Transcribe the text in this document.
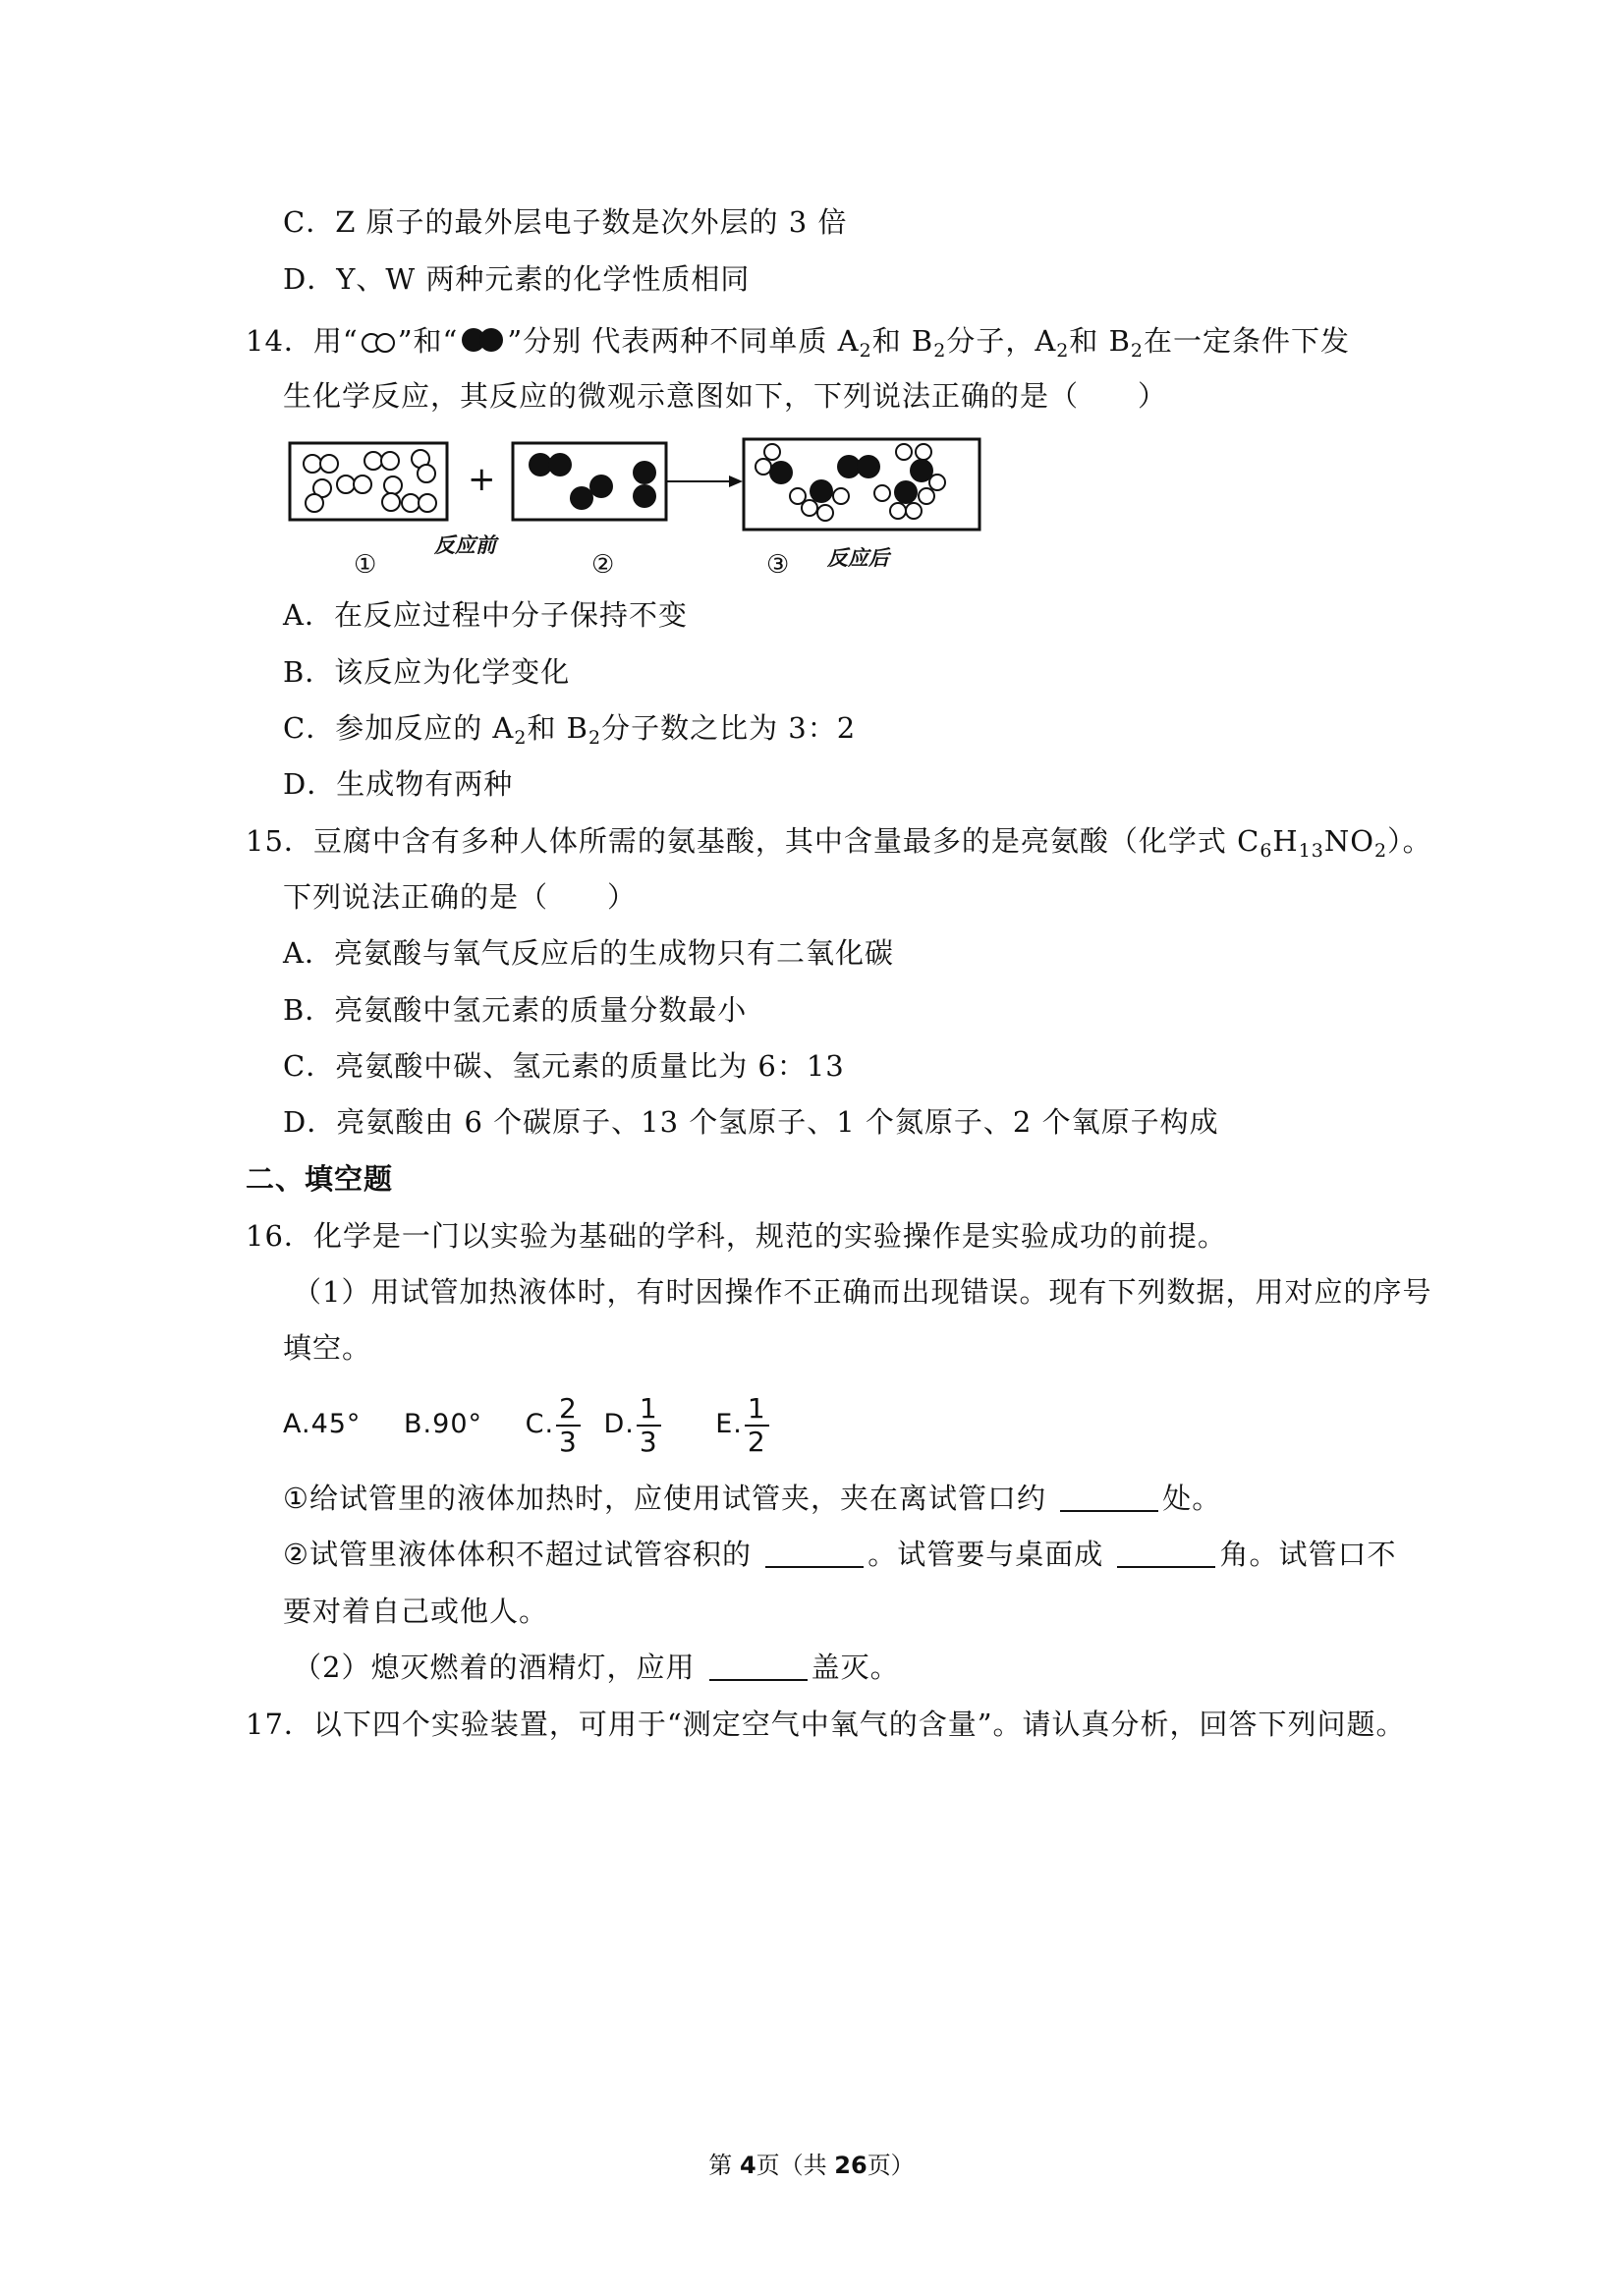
C．Z 原子的最外层电子数是次外层的 3 倍
D．Y、W 两种元素的化学性质相同
14．用“ ”和“ ”分别 代表两种不同单质 $A_2$和 $B_2$分子，$A_2$和 $B_2$在一定条件下发
生化学反应，其反应的微观示意图如下，下列说法正确的是（　　）
+
①
反应前
②	③ 反应后
A．在反应过程中分子保持不变
B．该反应为化学变化
C．参加反应的 $A_2$和 $B_2$分子数之比为 3：2
D．生成物有两种
15．豆腐中含有多种人体所需的氨基酸，其中含量最多的是亮氨酸（化学式 $C_6H_{13}NO_2$）。
下列说法正确的是（　　）
A．亮氨酸与氧气反应后的生成物只有二氧化碳
B．亮氨酸中氢元素的质量分数最小
C．亮氨酸中碳、氢元素的质量比为 6：13
D．亮氨酸由 6 个碳原子、13 个氢原子、1 个氮原子、2 个氧原子构成
二、填空题
16．化学是一门以实验为基础的学科，规范的实验操作是实验成功的前提。
（1）用试管加热液体时，有时因操作不正确而出现错误。现有下列数据，用对应的序号
填空。
A.45° B.90° C. $\frac{2}{3} D$. $\frac{1}{3} E$. $\frac{1}{2}$
①给试管里的液体加热时，应使用试管夹，夹在离试管口约	处。
②试管里液体体积不超过试管容积的	。试管要与桌面成	角。试管口不
要对着自己或他人。
（2）熄灭燃着的酒精灯，应用	盖灭。
17．以下四个实验装置，可用于“测定空气中氧气的含量”。请认真分析，回答下列问题。
第 4页（共 26页）
